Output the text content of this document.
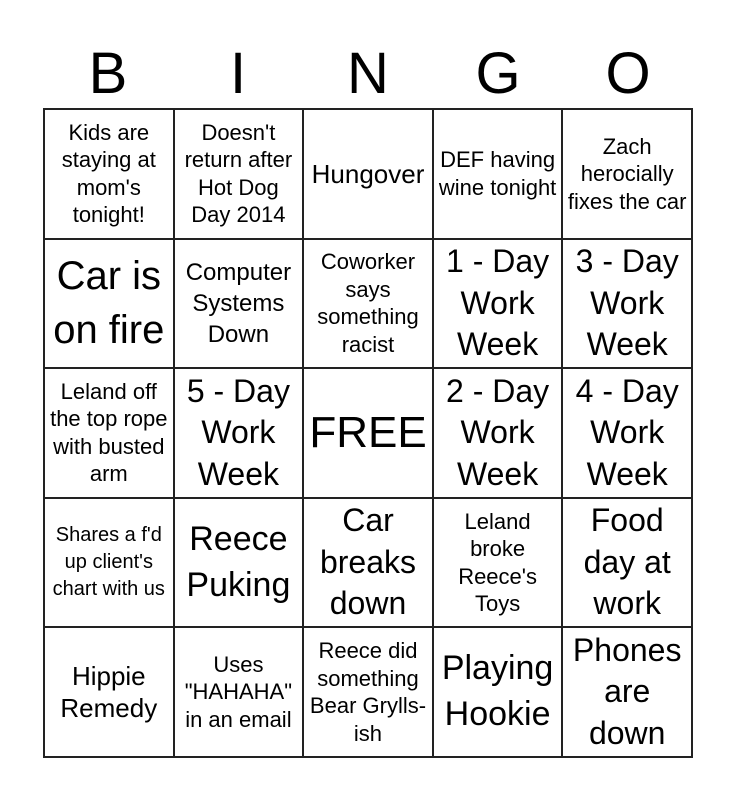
B	I	N	G	O
Kids are staying at mom's tonight!
Doesn't return after Hot Dog Day 2014
Hungover DEF having wine tonight
Zach herocially fixes the car
Car is on fire
Computer Systems Down
Coworker says something racist
1 - Day Work Week
3 - Day Work Week
Leland off the top rope with busted arm
5 - Day Work Week
FREE
2 - Day Work Week
4 - Day Work Week
Shares a f'd up client's chart with us
Reece Puking
Car breaks down
Leland broke Reece's Toys
Food day at work
Hippie Remedy
Uses "HAHAHA" in an email
Reece did something Bear Grylls-ish
Playing Hookie
Phones are down
